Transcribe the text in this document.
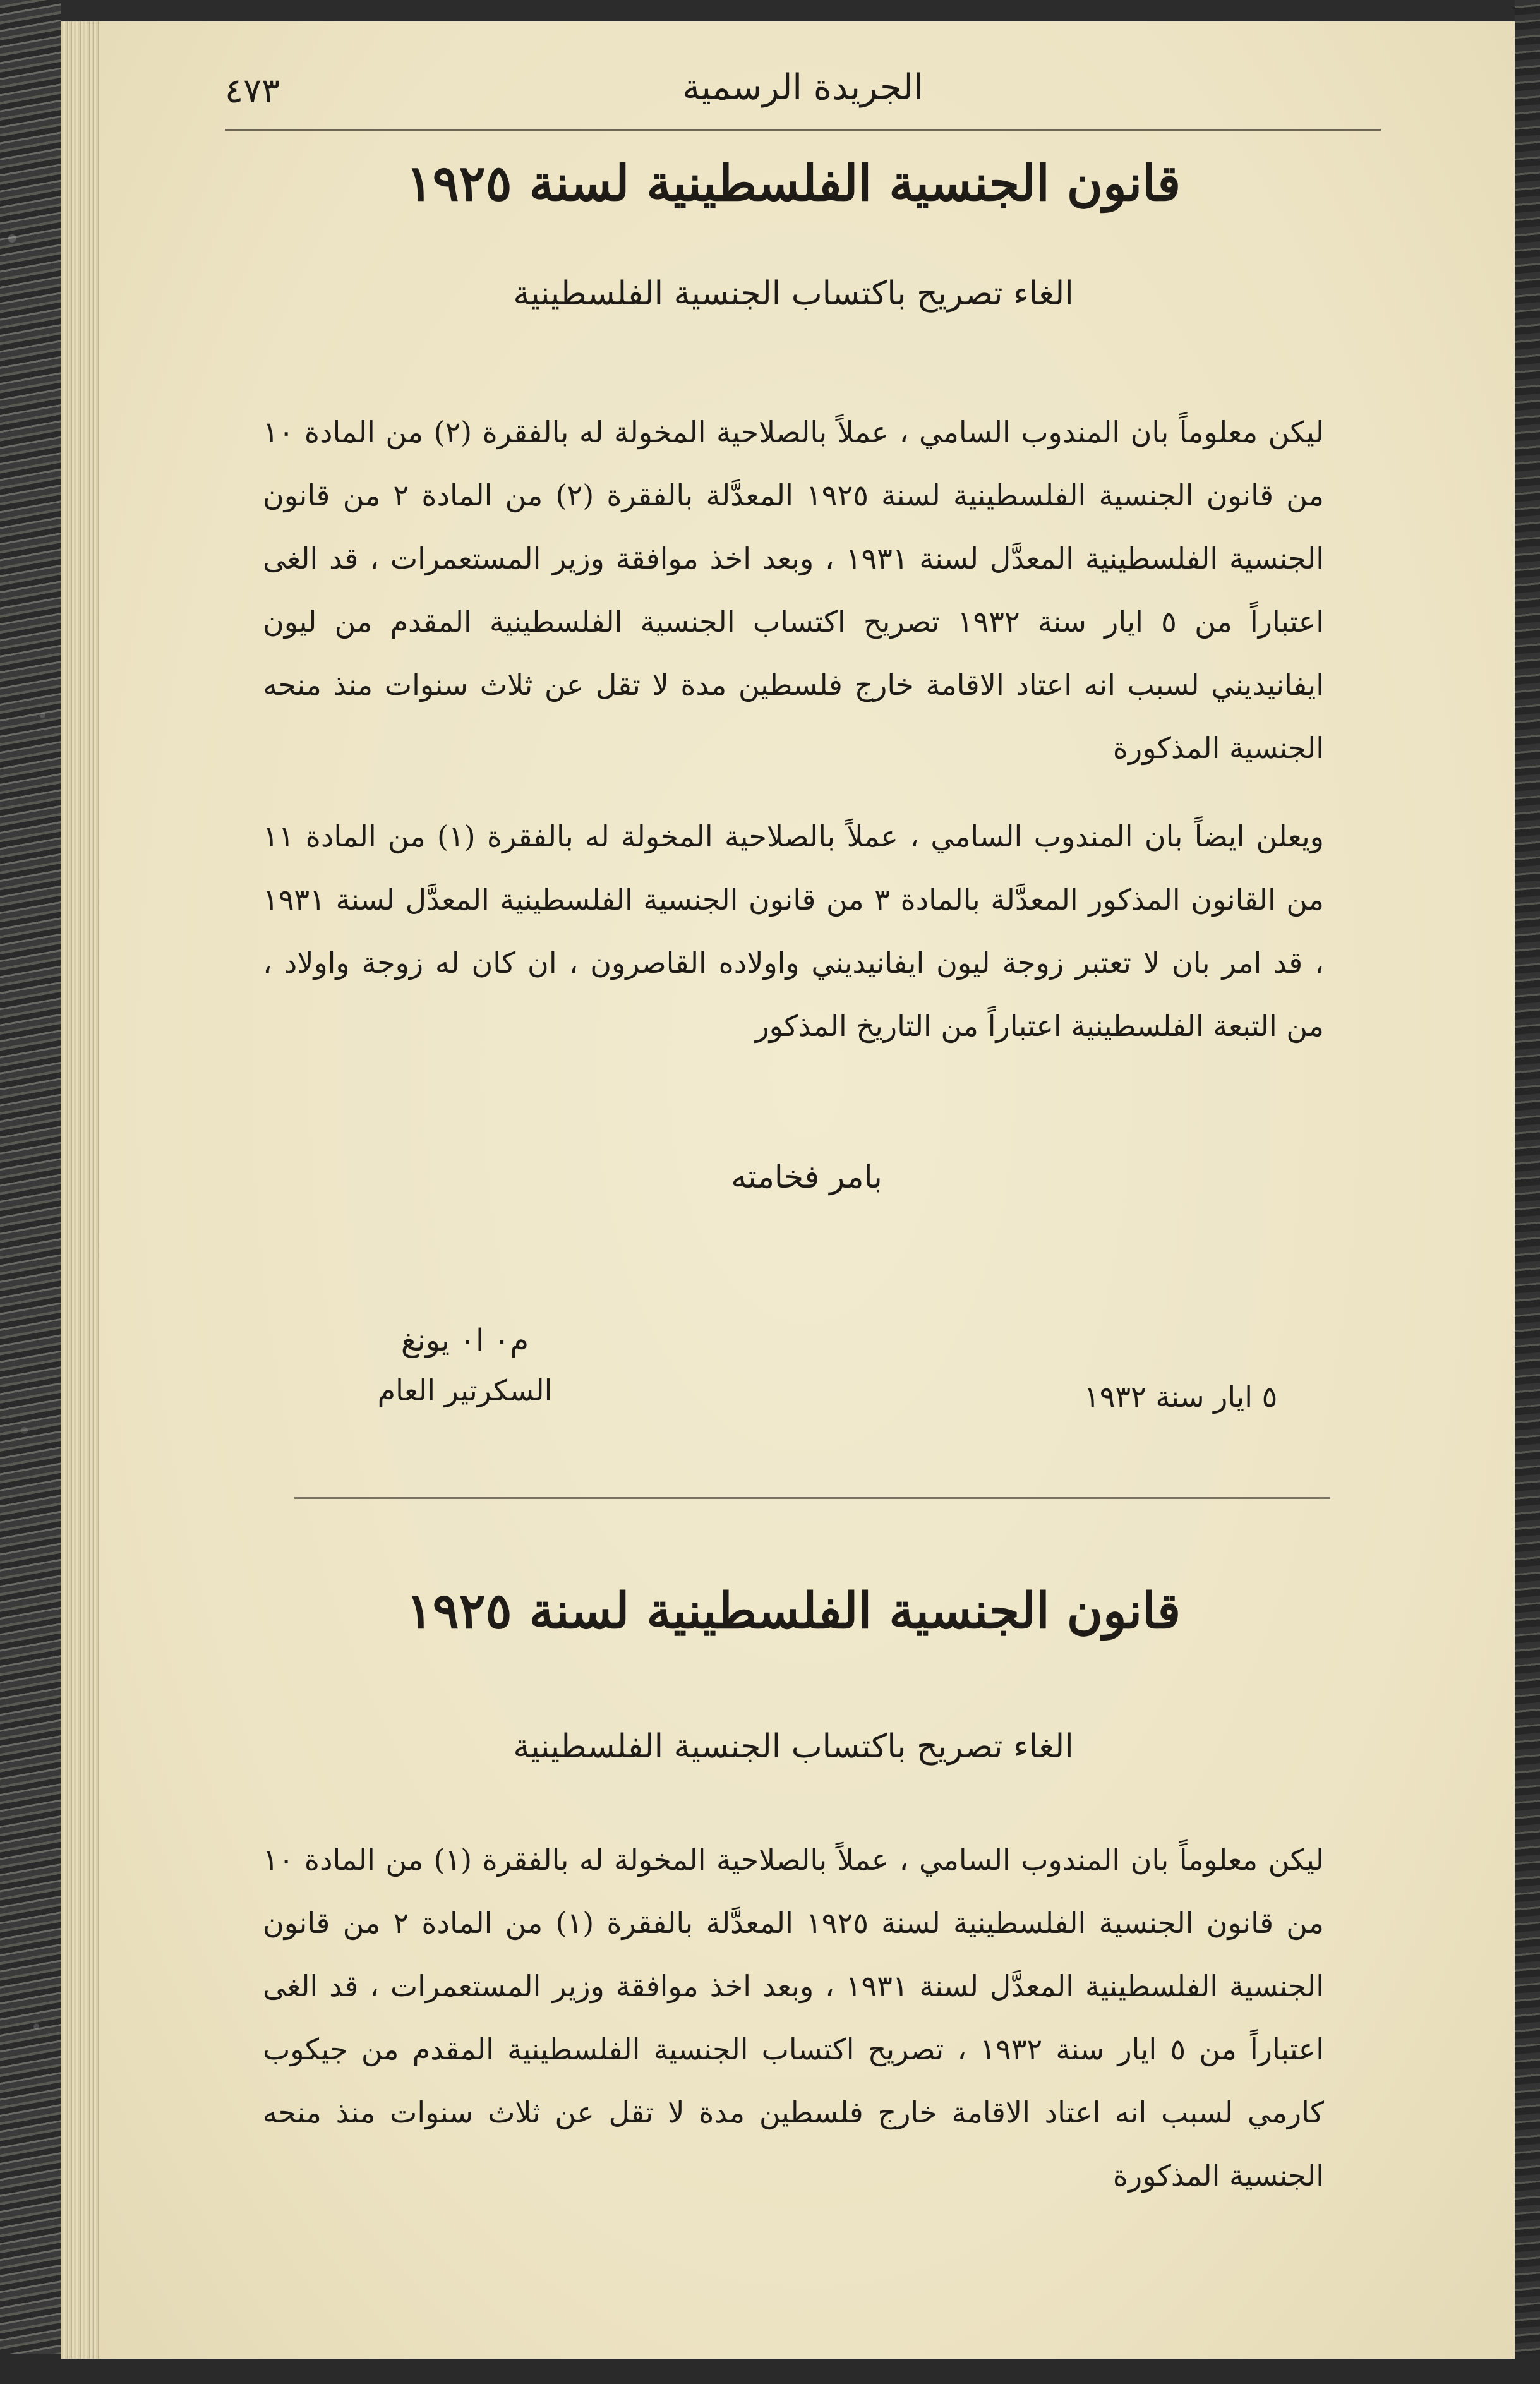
٤٧٣	الجريدة الرسمية

قانون الجنسية الفلسطينية لسنة ١٩٢٥

الغاء تصريح باكتساب الجنسية الفلسطينية

ليكن معلوماً بان المندوب السامي ، عملاً بالصلاحية المخولة له بالفقرة (٢) من المادة ١٠ من قانون الجنسية الفلسطينية لسنة ١٩٢٥ المعدَّلة بالفقرة (٢) من المادة ٢ من قانون الجنسية الفلسطينية المعدَّل لسنة ١٩٣١ ، وبعد اخذ موافقة وزير المستعمرات ، قد الغى اعتباراً من ٥ ايار سنة ١٩٣٢ تصريح اكتساب الجنسية الفلسطينية المقدم من ليون ايفانيديني لسبب انه اعتاد الاقامة خارج فلسطين مدة لا تقل عن ثلاث سنوات منذ منحه الجنسية المذكورة

ويعلن ايضاً بان المندوب السامي ، عملاً بالصلاحية المخولة له بالفقرة (١) من المادة ١١ من القانون المذكور المعدَّلة بالمادة ٣ من قانون الجنسية الفلسطينية المعدَّل لسنة ١٩٣١ ، قد امر بان لا تعتبر زوجة ليون ايفانيديني واولاده القاصرون ، ان كان له زوجة واولاد ، من التبعة الفلسطينية اعتباراً من التاريخ المذكور

بامر فخامته
م٠ ا٠ يونغ
السكرتير العام	٥ ايار سنة ١٩٣٢

قانون الجنسية الفلسطينية لسنة ١٩٢٥

الغاء تصريح باكتساب الجنسية الفلسطينية

ليكن معلوماً بان المندوب السامي ، عملاً بالصلاحية المخولة له بالفقرة (١) من المادة ١٠ من قانون الجنسية الفلسطينية لسنة ١٩٢٥ المعدَّلة بالفقرة (١) من المادة ٢ من قانون الجنسية الفلسطينية المعدَّل لسنة ١٩٣١ ، وبعد اخذ موافقة وزير المستعمرات ، قد الغى اعتباراً من ٥ ايار سنة ١٩٣٢ ، تصريح اكتساب الجنسية الفلسطينية المقدم من جيكوب كارمي لسبب انه اعتاد الاقامة خارج فلسطين مدة لا تقل عن ثلاث سنوات منذ منحه الجنسية المذكورة
